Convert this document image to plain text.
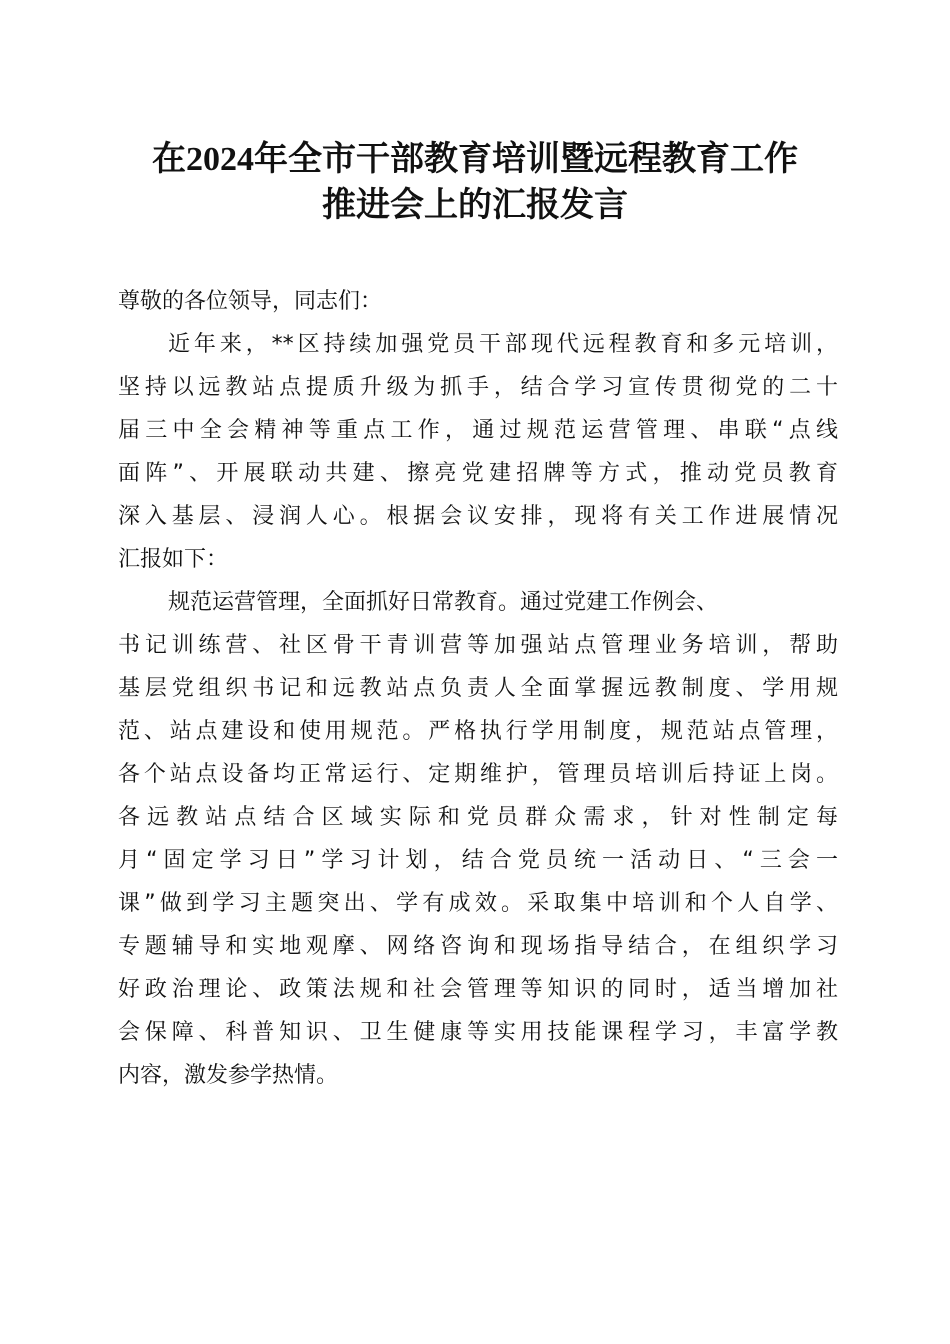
在2024年全市干部教育培训暨远程教育工作
推进会上的汇报发言
尊敬的各位领导，同志们：
近年来，**区持续加强党员干部现代远程教育和多元培训，
坚持以远教站点提质升级为抓手，结合学习宣传贯彻党的二十
届三中全会精神等重点工作，通过规范运营管理、串联“点线
面阵”、开展联动共建、擦亮党建招牌等方式，推动党员教育
深入基层、浸润人心。根据会议安排，现将有关工作进展情况
汇报如下：
规范运营管理，全面抓好日常教育。通过党建工作例会、
书记训练营、社区骨干青训营等加强站点管理业务培训，帮助
基层党组织书记和远教站点负责人全面掌握远教制度、学用规
范、站点建设和使用规范。严格执行学用制度，规范站点管理，
各个站点设备均正常运行、定期维护，管理员培训后持证上岗。
各远教站点结合区域实际和党员群众需求，针对性制定每
月“固定学习日”学习计划，结合党员统一活动日、“三会一
课”做到学习主题突出、学有成效。采取集中培训和个人自学、
专题辅导和实地观摩、网络咨询和现场指导结合，在组织学习
好政治理论、政策法规和社会管理等知识的同时，适当增加社
会保障、科普知识、卫生健康等实用技能课程学习，丰富学教
内容，激发参学热情。
